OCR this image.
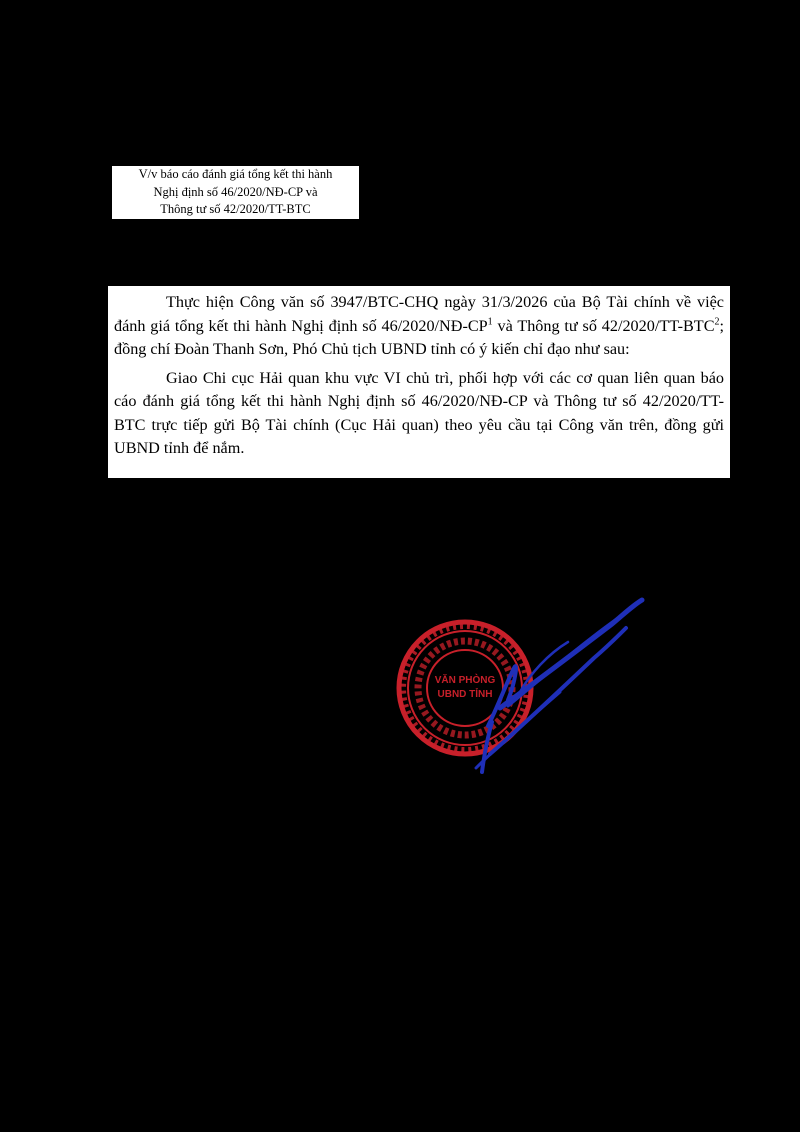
V/v báo cáo đánh giá tổng kết thi hành
Nghị định số 46/2020/NĐ-CP và
Thông tư số 42/2020/TT-BTC

Thực hiện Công văn số 3947/BTC-CHQ ngày 31/3/2026 của Bộ Tài chính về việc đánh giá tổng kết thi hành Nghị định số 46/2020/NĐ-CP$^1$ và Thông tư số 42/2020/TT-BTC$^2$; đồng chí Đoàn Thanh Sơn, Phó Chủ tịch UBND tỉnh có ý kiến chỉ đạo như sau:

Giao Chi cục Hải quan khu vực VI chủ trì, phối hợp với các cơ quan liên quan báo cáo đánh giá tổng kết thi hành Nghị định số 46/2020/NĐ-CP và Thông tư số 42/2020/TT-BTC trực tiếp gửi Bộ Tài chính (Cục Hải quan) theo yêu cầu tại Công văn trên, đồng gửi UBND tỉnh để nắm.

VĂN PHÒNG
UBND TỈNH
